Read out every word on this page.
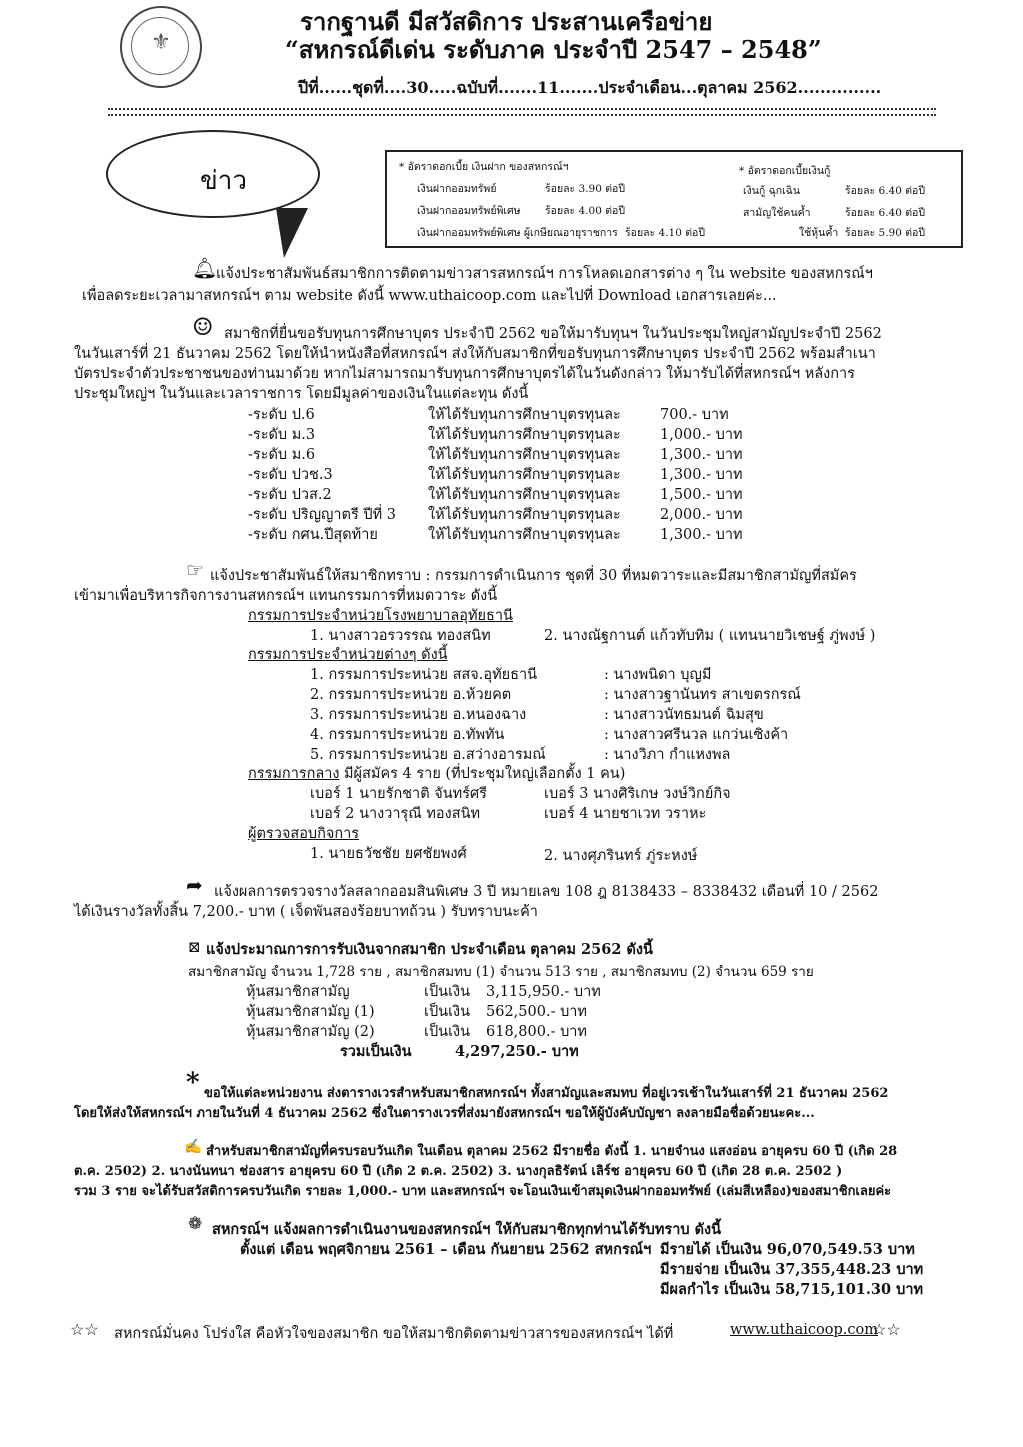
⚜
รากฐานดี มีสวัสดิการ ประสานเครือข่าย
“สหกรณ์ดีเด่น ระดับภาค ประจำปี 2547 – 2548”
ปีที่......ชุดที่....30.....ฉบับที่.......11.......ประจำเดือน...ตุลาคม 2562...............
ข่าว	* อัตราดอกเบี้ย เงินฝาก ของสหกรณ์ฯ
เงินฝากออมทรัพย์	ร้อยละ 3.90 ต่อปี
เงินฝากออมทรัพย์พิเศษ ร้อยละ 4.00 ต่อปี
เงินฝากออมทรัพย์พิเศษ ผู้เกษียณอายุราชการ ร้อยละ 4.10 ต่อปี
* อัตราดอกเบี้ยเงินกู้
เงินกู้ ฉุกเฉิน	ร้อยละ 6.40 ต่อปี
สามัญใช้คนค้ำ	ร้อยละ 6.40 ต่อปี
ใช้หุ้นค้ำ ร้อยละ 5.90 ต่อปี
🔔︎
แจ้งประชาสัมพันธ์สมาชิกการติดตามข่าวสารสหกรณ์ฯ การโหลดเอกสารต่าง ๆ ใน website ของสหกรณ์ฯ
เพื่อลดระยะเวลามาสหกรณ์ฯ ตาม website ดังนี้ www.uthaicoop.com และไปที่ Download เอกสารเลยค่ะ...
☺ สมาชิกที่ยื่นขอรับทุนการศึกษาบุตร ประจำปี 2562 ขอให้มารับทุนฯ ในวันประชุมใหญ่สามัญประจำปี 2562
ในวันเสาร์ที่ 21 ธันวาคม 2562 โดยให้นำหนังสือที่สหกรณ์ฯ ส่งให้กับสมาชิกที่ขอรับทุนการศึกษาบุตร ประจำปี 2562 พร้อมสำเนา
บัตรประจำตัวประชาชนของท่านมาด้วย หากไม่สามารถมารับทุนการศึกษาบุตรได้ในวันดังกล่าว ให้มารับได้ที่สหกรณ์ฯ หลังการ
ประชุมใหญ่ฯ ในวันและเวลาราชการ โดยมีมูลค่าของเงินในแต่ละทุน ดังนี้
-ระดับ ป.6	ให้ได้รับทุนการศึกษาบุตรทุนละ	700.- บาท
-ระดับ ม.3	ให้ได้รับทุนการศึกษาบุตรทุนละ	1,000.- บาท
-ระดับ ม.6	ให้ได้รับทุนการศึกษาบุตรทุนละ	1,300.- บาท
-ระดับ ปวช.3	ให้ได้รับทุนการศึกษาบุตรทุนละ	1,300.- บาท
-ระดับ ปวส.2	ให้ได้รับทุนการศึกษาบุตรทุนละ	1,500.- บาท
-ระดับ ปริญญาตรี ปีที่ 3 ให้ได้รับทุนการศึกษาบุตรทุนละ	2,000.- บาท
-ระดับ กศน.ปีสุดท้าย	ให้ได้รับทุนการศึกษาบุตรทุนละ	1,300.- บาท
☞ แจ้งประชาสัมพันธ์ให้สมาชิกทราบ : กรรมการดำเนินการ ชุดที่ 30 ที่หมดวาระและมีสมาชิกสามัญที่สมัคร
เข้ามาเพื่อบริหารกิจการงานสหกรณ์ฯ แทนกรรมการที่หมดวาระ ดังนี้
กรรมการประจำหน่วยโรงพยาบาลอุทัยธานี
1. นางสาวอรวรรณ ทองสนิท	2. นางณัฐกานต์ แก้วทับทิม ( แทนนายวิเชษฐ์ ภู่พงษ์ )
กรรมการประจำหน่วยต่างๆ ดังนี้
1. กรรมการประหน่วย สสจ.อุทัยธานี	: นางพนิดา บุญมี
2. กรรมการประหน่วย อ.ห้วยคต	: นางสาวฐานันทร สาเขตรกรณ์
3. กรรมการประหน่วย อ.หนองฉาง	: นางสาวนัทธมนต์ ฉิมสุข
4. กรรมการประหน่วย อ.ทัพทัน	: นางสาวศรีนวล แกว่นเซิงค้า
5. กรรมการประหน่วย อ.สว่างอารมณ์	: นางวิภา กำแหงพล
กรรมการกลาง มีผู้สมัคร 4 ราย (ที่ประชุมใหญ่เลือกตั้ง 1 คน)
เบอร์ 1 นายรักชาติ จันทร์ศรี	เบอร์ 3 นางศิริเกษ วงษ์วิกย์กิจ
เบอร์ 2 นางวารุณี ทองสนิท	เบอร์ 4 นายชาเวท วราหะ
ผู้ตรวจสอบกิจการ
1. นายธวัชชัย ยศชัยพงศ์	2. นางศุภรินทร์ ภู่ระหงษ์
➦ แจ้งผลการตรวจรางวัลสลากออมสินพิเศษ 3 ปี หมายเลข 108 ฎ 8138433 – 8338432 เดือนที่ 10 / 2562
ได้เงินรางวัลทั้งสิ้น 7,200.- บาท ( เจ็ดพันสองร้อยบาทถ้วน ) รับทราบนะค้า
⊠ แจ้งประมาณการการรับเงินจากสมาชิก ประจำเดือน ตุลาคม 2562 ดังนี้
สมาชิกสามัญ จำนวน 1,728 ราย , สมาชิกสมทบ (1) จำนวน 513 ราย , สมาชิกสมทบ (2) จำนวน 659 ราย
หุ้นสมาชิกสามัญ	เป็นเงิน 3,115,950.- บาท
หุ้นสมาชิกสามัญ (1)	เป็นเงิน 562,500.- บาท
หุ้นสมาชิกสามัญ (2)	เป็นเงิน 618,800.- บาท
รวมเป็นเงิน	4,297,250.- บาท
* ขอให้แต่ละหน่วยงาน ส่งตารางเวรสำหรับสมาชิกสหกรณ์ฯ ทั้งสามัญและสมทบ ที่อยู่เวรเช้าในวันเสาร์ที่ 21 ธันวาคม 2562
โดยให้ส่งให้สหกรณ์ฯ ภายในวันที่ 4 ธันวาคม 2562 ซึ่งในตารางเวรที่ส่งมายังสหกรณ์ฯ ขอให้ผู้บังคับบัญชา ลงลายมือชื่อด้วยนะคะ...
✍ สำหรับสมาชิกสามัญที่ครบรอบวันเกิด ในเดือน ตุลาคม 2562 มีรายชื่อ ดังนี้ 1. นายจำนง แสงอ่อน อายุครบ 60 ปี (เกิด 28
ต.ค. 2502) 2. นางนันทนา ช่องสาร อายุครบ 60 ปี (เกิด 2 ต.ค. 2502) 3. นางกุลธิรัตน์ เลิร์ช อายุครบ 60 ปี (เกิด 28 ต.ค. 2502 )
รวม 3 ราย จะได้รับสวัสดิการครบวันเกิด รายละ 1,000.- บาท และสหกรณ์ฯ จะโอนเงินเข้าสมุดเงินฝากออมทรัพย์ (เล่มสีเหลือง)ของสมาชิกเลยค่ะ
❁ สหกรณ์ฯ แจ้งผลการดำเนินงานของสหกรณ์ฯ ให้กับสมาชิกทุกท่านได้รับทราบ ดังนี้
ตั้งแต่ เดือน พฤศจิกายน 2561 – เดือน กันยายน 2562 สหกรณ์ฯ มีรายได้ เป็นเงิน 96,070,549.53 บาท
มีรายจ่าย เป็นเงิน 37,355,448.23 บาท
มีผลกำไร เป็นเงิน 58,715,101.30 บาท
☆☆ สหกรณ์มั่นคง โปร่งใส คือหัวใจของสมาชิก ขอให้สมาชิกติดตามข่าวสารของสหกรณ์ฯ ได้ที่	www.uthaicoop.com
☆☆
